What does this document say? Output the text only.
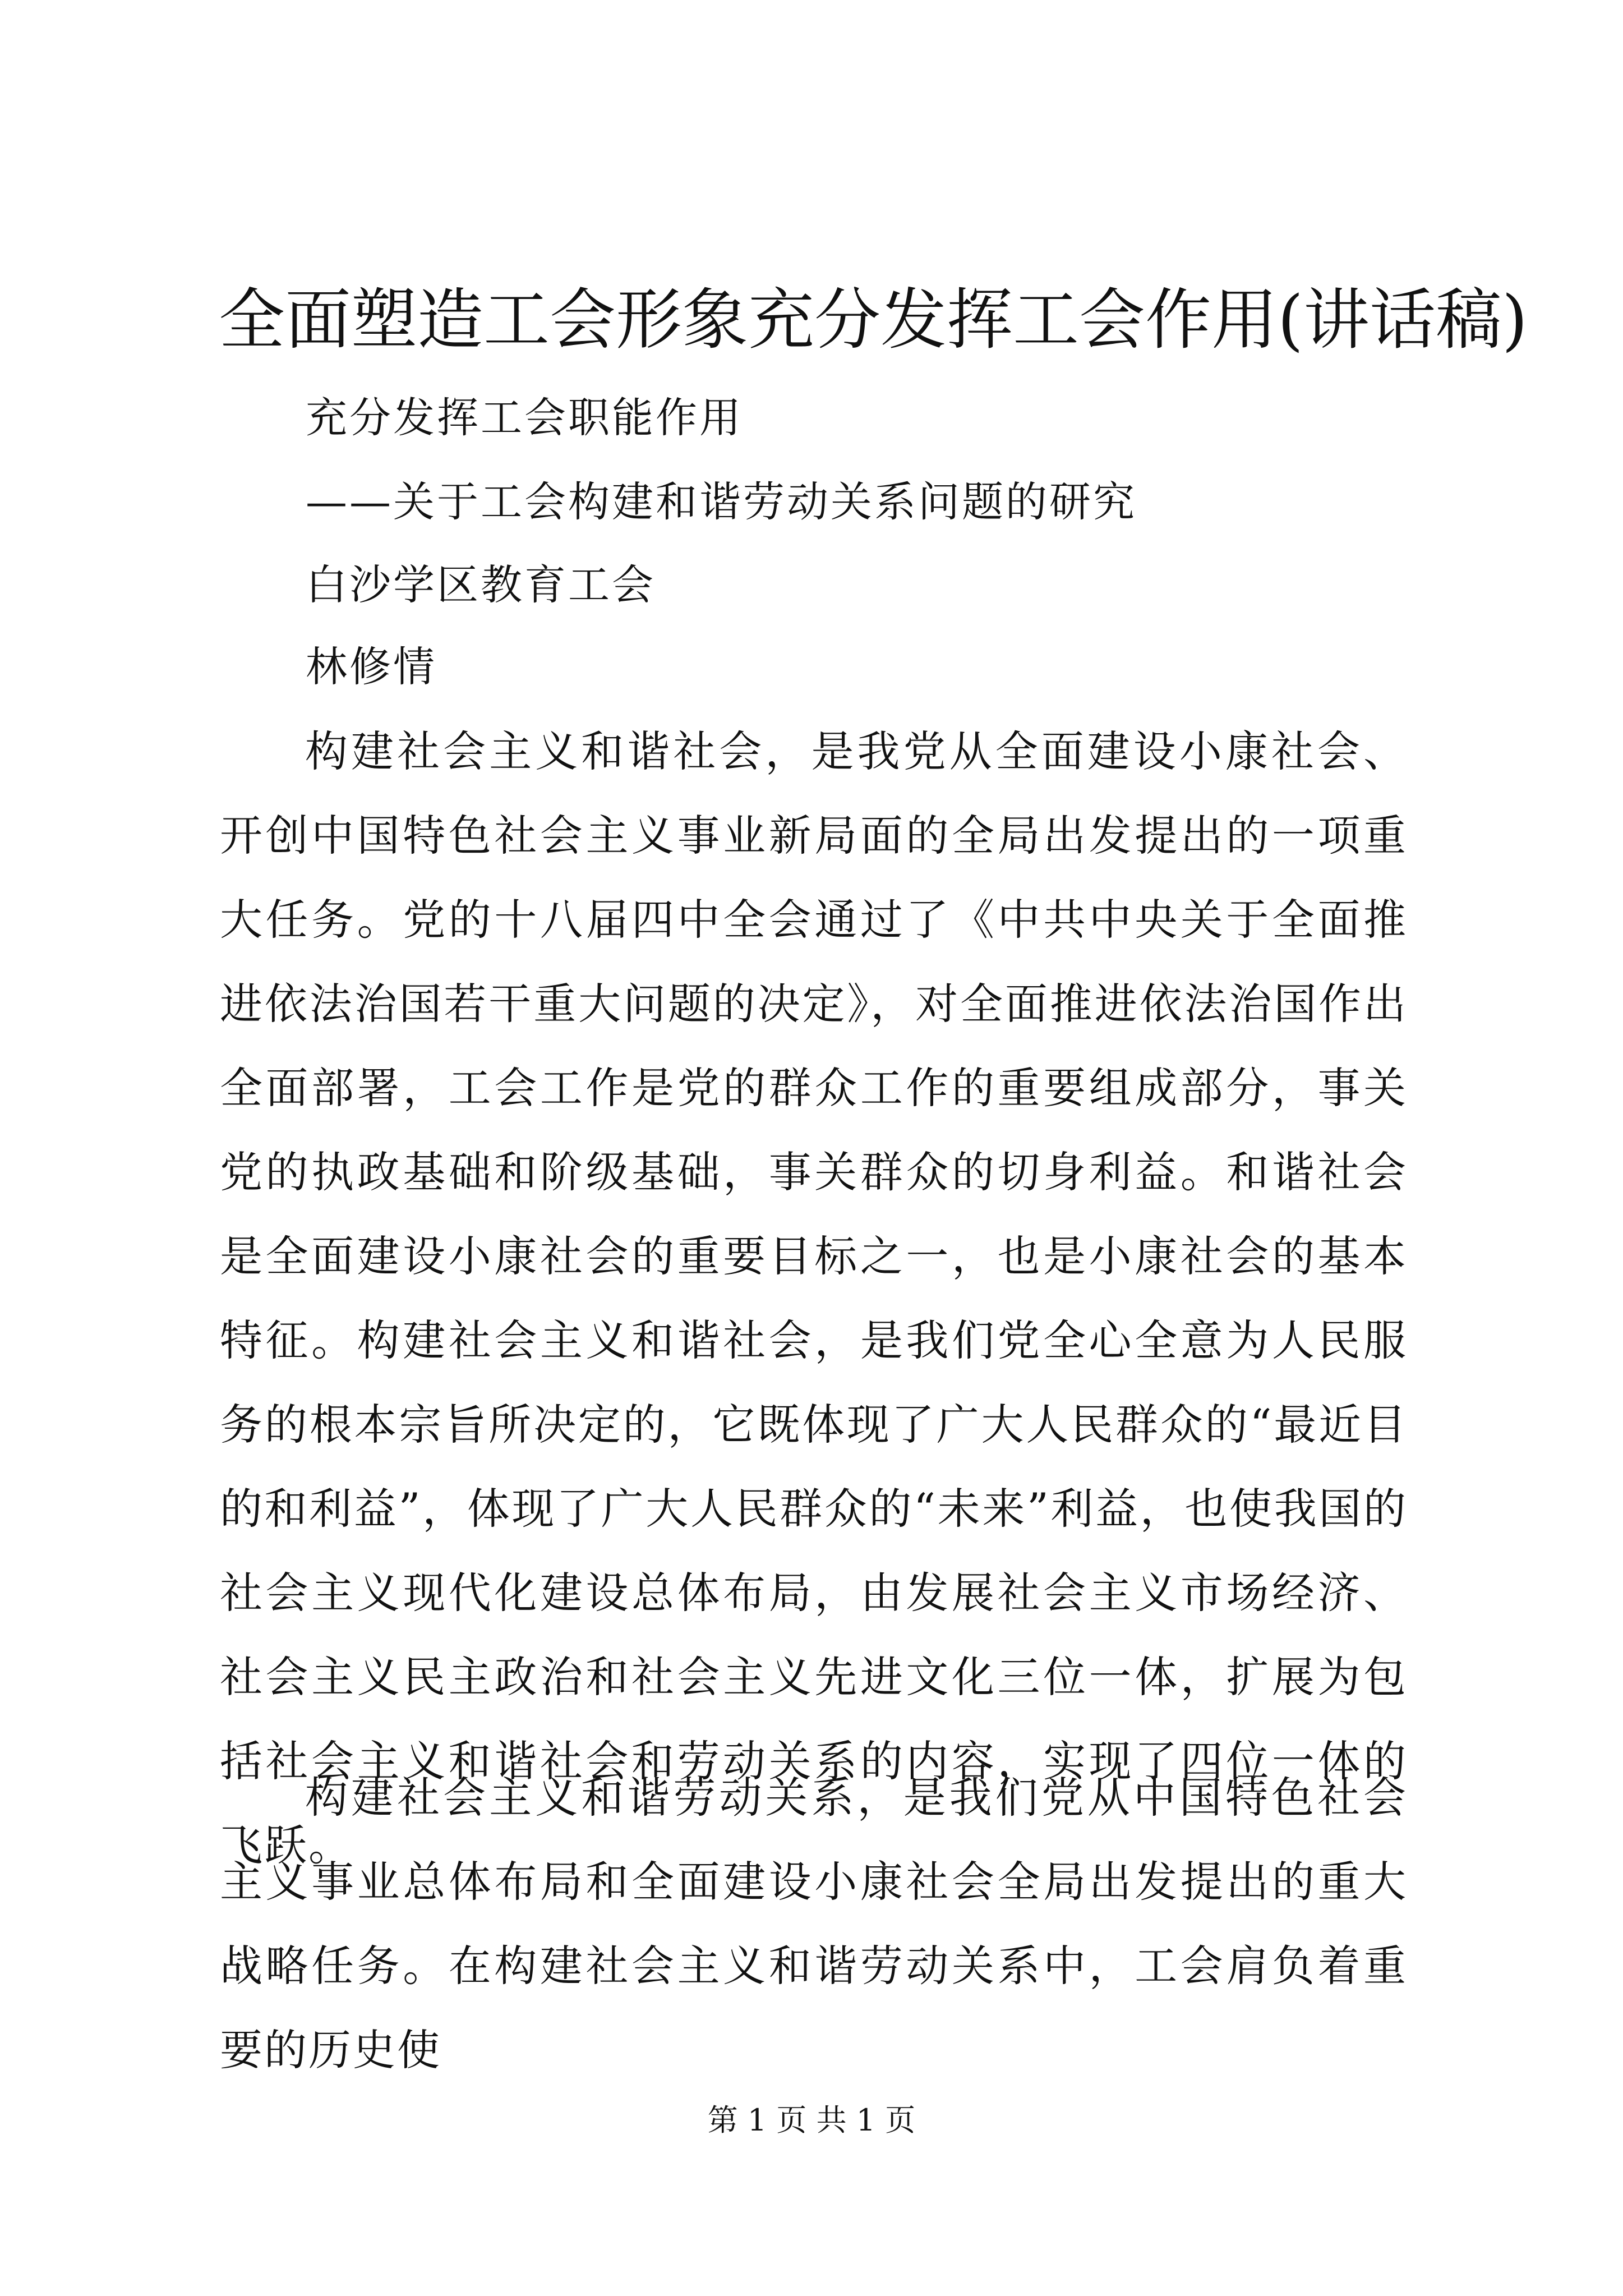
全面塑造工会形象充分发挥工会作用(讲话稿)

充分发挥工会职能作用

——关于工会构建和谐劳动关系问题的研究

白沙学区教育工会

林修情

构建社会主义和谐社会，是我党从全面建设小康社会、开创中国特色社会主义事业新局面的全局出发提出的一项重大任务。党的十八届四中全会通过了《中共中央关于全面推进依法治国若干重大问题的决定》，对全面推进依法治国作出全面部署，工会工作是党的群众工作的重要组成部分，事关党的执政基础和阶级基础，事关群众的切身利益。和谐社会是全面建设小康社会的重要目标之一，也是小康社会的基本特征。构建社会主义和谐社会，是我们党全心全意为人民服务的根本宗旨所决定的，它既体现了广大人民群众的“最近目的和利益”，体现了广大人民群众的“未来”利益，也使我国的社会主义现代化建设总体布局，由发展社会主义市场经济、社会主义民主政治和社会主义先进文化三位一体，扩展为包括社会主义和谐社会和劳动关系的内容，实现了四位一体的飞跃。

构建社会主义和谐劳动关系，是我们党从中国特色社会主义事业总体布局和全面建设小康社会全局出发提出的重大战略任务。在构建社会主义和谐劳动关系中，工会肩负着重要的历史使

第 1 页 共 1 页
